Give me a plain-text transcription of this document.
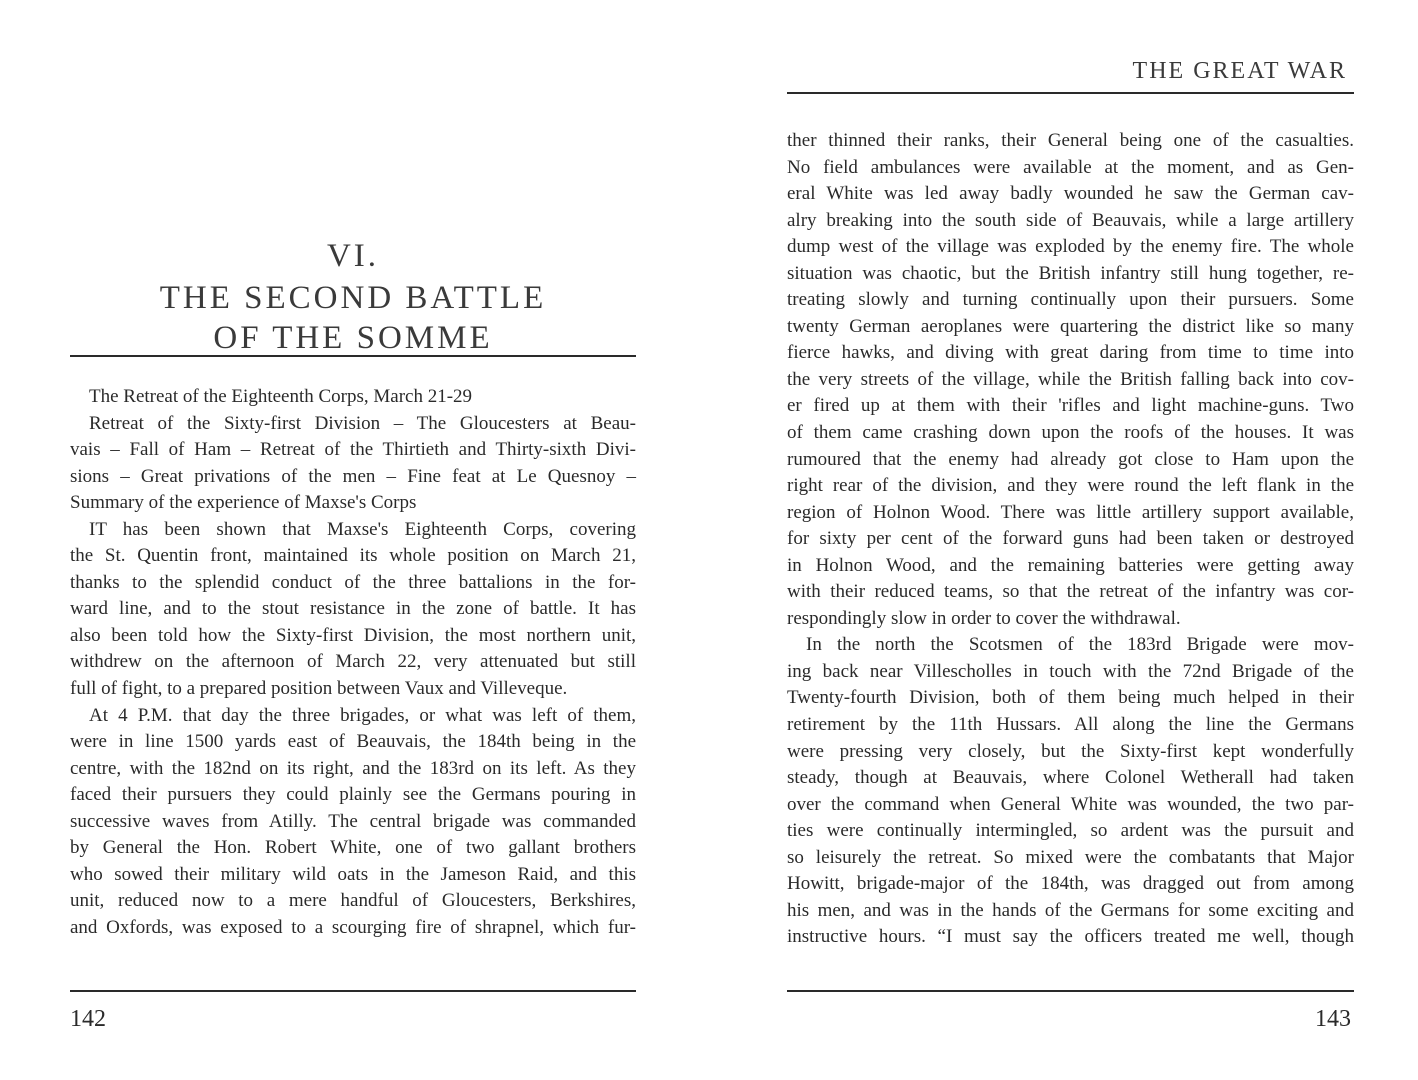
VI.
THE SECOND BATTLE
OF THE SOMME
The Retreat of the Eighteenth Corps, March 21-29
Retreat of the Sixty-first Division – The Gloucesters at Beau-
vais – Fall of Ham – Retreat of the Thirtieth and Thirty-sixth Divi-
sions – Great privations of the men – Fine feat at Le Quesnoy –
Summary of the experience of Maxse's Corps
IT has been shown that Maxse's Eighteenth Corps, covering
the St. Quentin front, maintained its whole position on March 21,
thanks to the splendid conduct of the three battalions in the for-
ward line, and to the stout resistance in the zone of battle. It has
also been told how the Sixty-first Division, the most northern unit,
withdrew on the afternoon of March 22, very attenuated but still
full of fight, to a prepared position between Vaux and Villeveque.
At 4 P.M. that day the three brigades, or what was left of them,
were in line 1500 yards east of Beauvais, the 184th being in the
centre, with the 182nd on its right, and the 183rd on its left. As they
faced their pursuers they could plainly see the Germans pouring in
successive waves from Atilly. The central brigade was commanded
by General the Hon. Robert White, one of two gallant brothers
who sowed their military wild oats in the Jameson Raid, and this
unit, reduced now to a mere handful of Gloucesters, Berkshires,
and Oxfords, was exposed to a scourging fire of shrapnel, which fur-
142
THE GREAT WAR
ther thinned their ranks, their General being one of the casualties.
No field ambulances were available at the moment, and as Gen-
eral White was led away badly wounded he saw the German cav-
alry breaking into the south side of Beauvais, while a large artillery
dump west of the village was exploded by the enemy fire. The whole
situation was chaotic, but the British infantry still hung together, re-
treating slowly and turning continually upon their pursuers. Some
twenty German aeroplanes were quartering the district like so many
fierce hawks, and diving with great daring from time to time into
the very streets of the village, while the British falling back into cov-
er fired up at them with their 'rifles and light machine-guns. Two
of them came crashing down upon the roofs of the houses. It was
rumoured that the enemy had already got close to Ham upon the
right rear of the division, and they were round the left flank in the
region of Holnon Wood. There was little artillery support available,
for sixty per cent of the forward guns had been taken or destroyed
in Holnon Wood, and the remaining batteries were getting away
with their reduced teams, so that the retreat of the infantry was cor-
respondingly slow in order to cover the withdrawal.
In the north the Scotsmen of the 183rd Brigade were mov-
ing back near Villescholles in touch with the 72nd Brigade of the
Twenty-fourth Division, both of them being much helped in their
retirement by the 11th Hussars. All along the line the Germans
were pressing very closely, but the Sixty-first kept wonderfully
steady, though at Beauvais, where Colonel Wetherall had taken
over the command when General White was wounded, the two par-
ties were continually intermingled, so ardent was the pursuit and
so leisurely the retreat. So mixed were the combatants that Major
Howitt, brigade-major of the 184th, was dragged out from among
his men, and was in the hands of the Germans for some exciting and
instructive hours. “I must say the officers treated me well, though
143
